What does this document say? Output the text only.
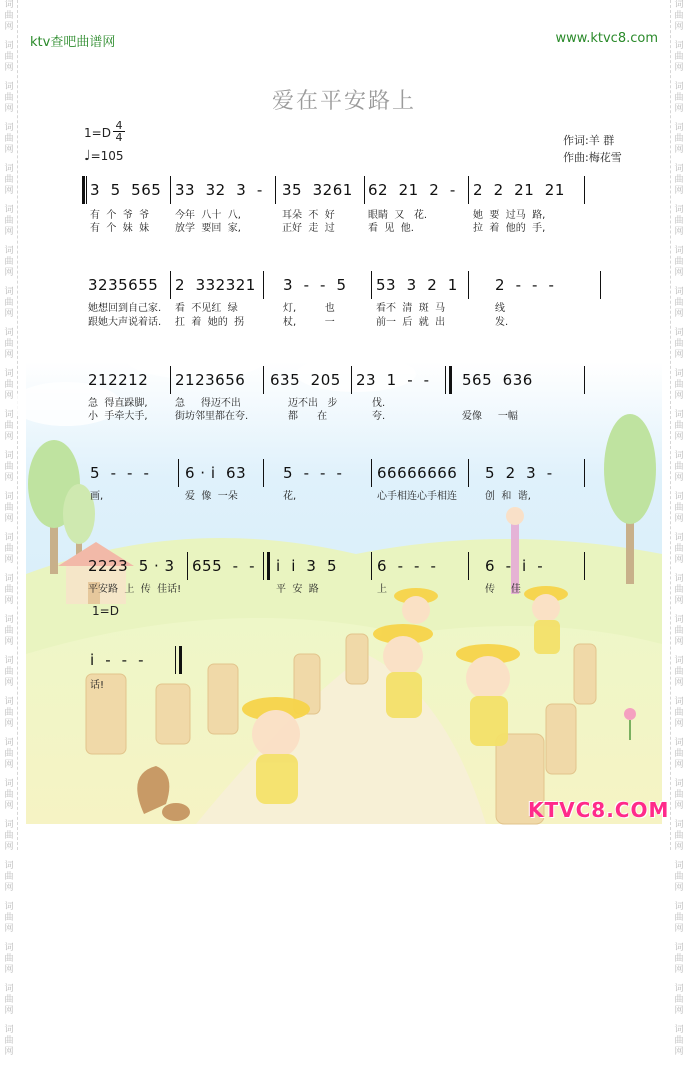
词
曲
网
词
曲
网
词
曲
网
词
曲
网
词
曲
网
词
曲
网
词
曲
网
词
曲
网
词
曲
网
词
曲
网
词
曲
网
词
曲
网
词
曲
网
词
曲
网
词
曲
网
词
曲
网
词
曲
网
词
曲
网
词
曲
网
词
曲
网
词
曲
网
词
曲
网
词
曲
网
词
曲
网
词
曲
网
词
曲
网
词
曲
网
词
曲
网
词
曲
网
词
曲
网
词
曲
网
词
曲
网
词
曲
网
词
曲
网
词
曲
网
词
曲
网
词
曲
网
词
曲
网
词
曲
网
词
曲
网
词
曲
网
词
曲
网
词
曲
网
词
曲
网
词
曲
网
词
曲
网
词
曲
网
词
曲
网
词
曲
网
词
曲
网
词
曲
网
词
曲
网
ktv查吧曲谱网	www.ktvc8.com
爱在平安路上
1=D
4
4
♩=105
作词:羊 群
作曲:梅花雪
3  5  565 33  32  3  - 35  3261 62  21  2  - 2  2  21  21
有  个  爷  爷	今年  八十  八,	耳朵  不  好	眼睛  又   花.	她  要  过马  路,
有  个  妹  妹	放学  要回  家,	正好  走  过	看  见  他.	拉  着  他的  手,
3235655 2  332321 3  -  -  5 53  3  2  1 2  -  -  -
她想回到自己家. 看  不见红  绿	灯,         也	看不  清  斑  马	线
跟她大声说着话. 扛  着  她的  拐	杖,         一	前一  后  就  出	发.
212212 2123656 635  205 23  1  -  - 565  636
急  得直跺脚,	急     得迈不出	迈不出   步	伐.
小  手牵大手,	街坊邻里都在夸.	都      在	夸.	爱像     一幅
5  -  -  - 6 · i  63 5  -  -  - 66666666 5  2  3  -
画,	爱  像  一朵	花,	心手相连心手相连	创  和  谐,
2223  5 · 3 655  -  - i  i  3  5	6  -  -  -	6  -  i  -
平安路  上  传  佳话!	平  安  路	上	传     佳
1=D
i  -  -  -
话!
KTVC8.COM
